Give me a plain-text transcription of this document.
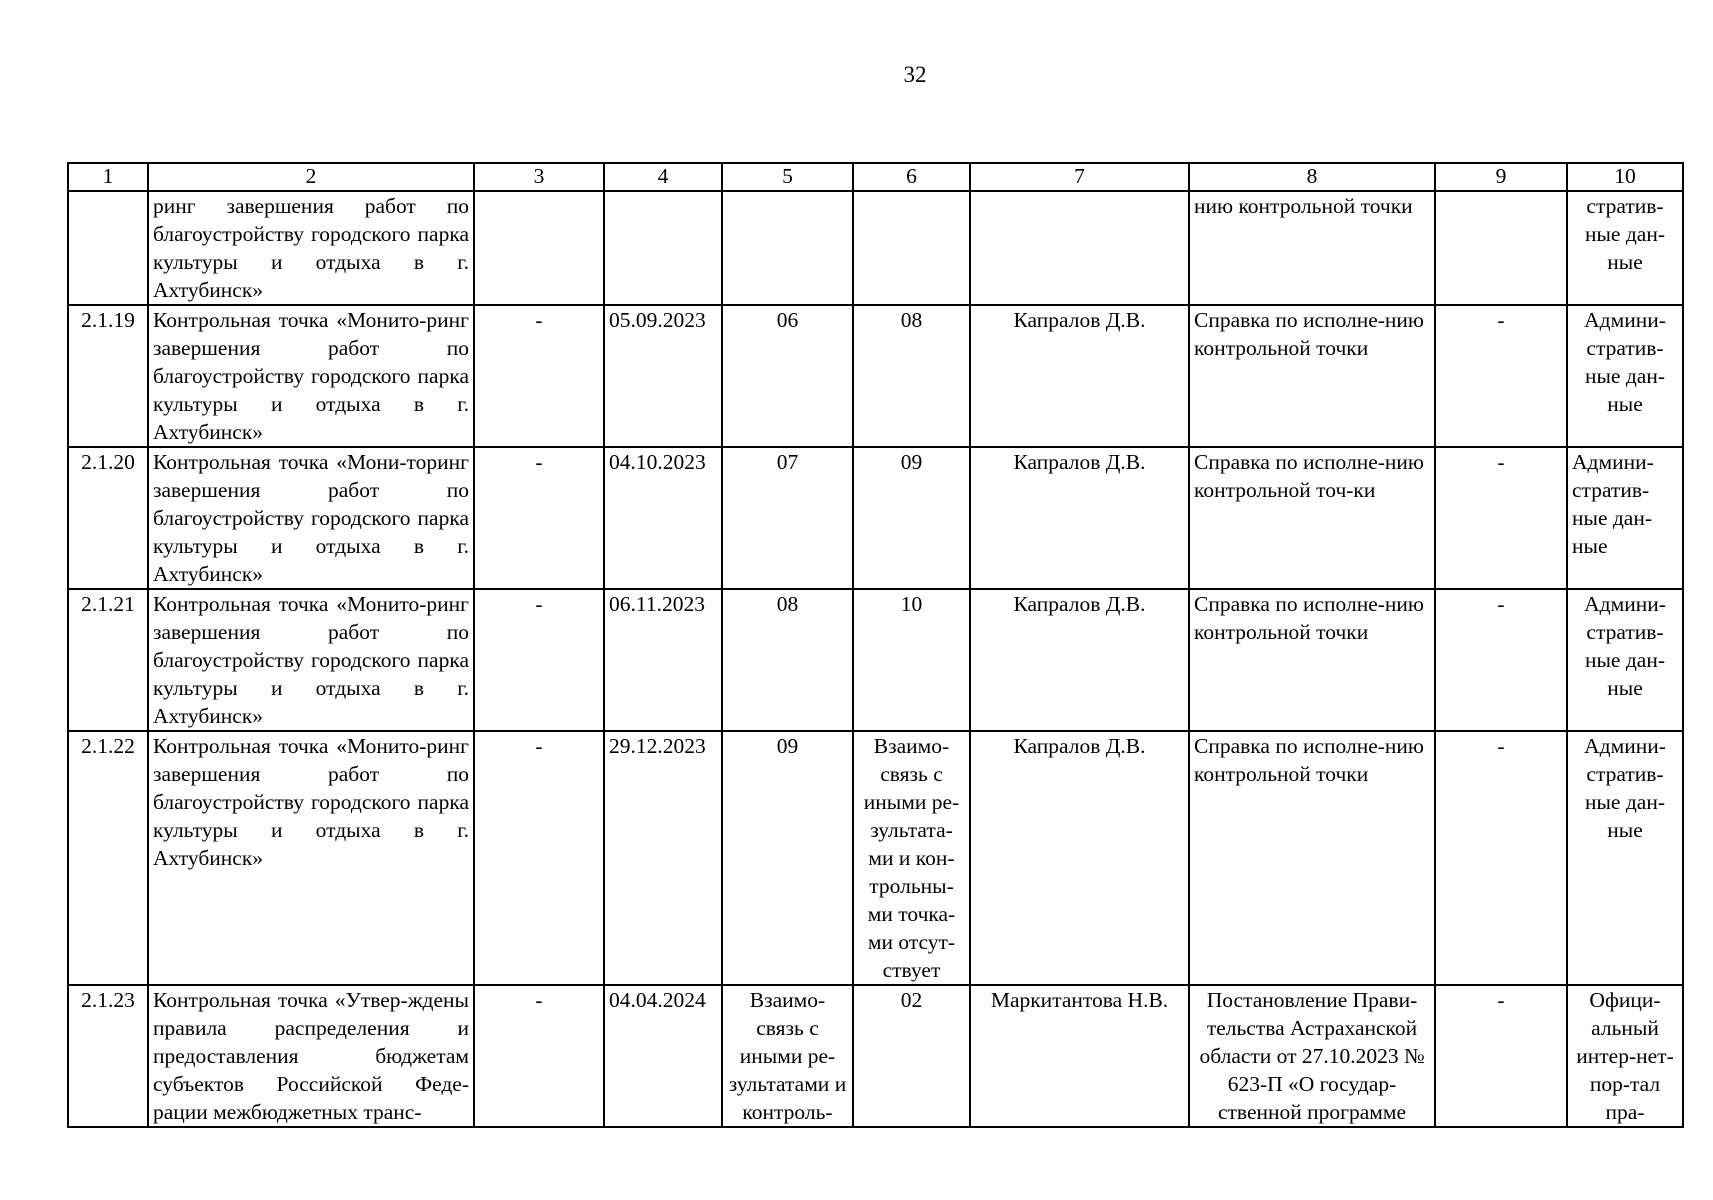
32
1	2	3	4	5	6	7	8	9	10
	ринг завершения работ по благоустройству городского парка культуры и отдыха в г. Ахтубинск»						нию контрольной точки		стратив-ные дан-ные
2.1.19	Контрольная точка «Монито-ринг завершения работ по благоустройству городского парка культуры и отдыха в г. Ахтубинск»	-	05.09.2023	06	08	Капралов Д.В.	Справка по исполне-нию контрольной точки	-	Админи-стратив-ные дан-ные
2.1.20	Контрольная точка «Мони-торинг завершения работ по благоустройству городского парка культуры и отдыха в г. Ахтубинск»	-	04.10.2023	07	09	Капралов Д.В.	Справка по исполне-нию контрольной точ-ки	-	Админи-стратив-ные дан-ные
2.1.21	Контрольная точка «Монито-ринг завершения работ по благоустройству городского парка культуры и отдыха в г. Ахтубинск»	-	06.11.2023	08	10	Капралов Д.В.	Справка по исполне-нию контрольной точки	-	Админи-стратив-ные дан-ные
2.1.22	Контрольная точка «Монито-ринг завершения работ по благоустройству городского парка культуры и отдыха в г. Ахтубинск»	-	29.12.2023	09	Взаимо-связь с иными ре-зультата-ми и кон-трольны-ми точка-ми отсут-ствует	Капралов Д.В.	Справка по исполне-нию контрольной точки	-	Админи-стратив-ные дан-ные
2.1.23	Контрольная точка «Утвер-ждены правила распределения и предоставления бюджетам субъектов Российской Феде-рации межбюджетных транс-	-	04.04.2024	Взаимо-связь с иными ре-зультатами и контроль-	02	Маркитантова Н.В.	Постановление Прави-тельства Астраханской области от 27.10.2023 № 623-П «О государ-ственной программе	-	Офици-альный интер-нет-пор-тал пра-
